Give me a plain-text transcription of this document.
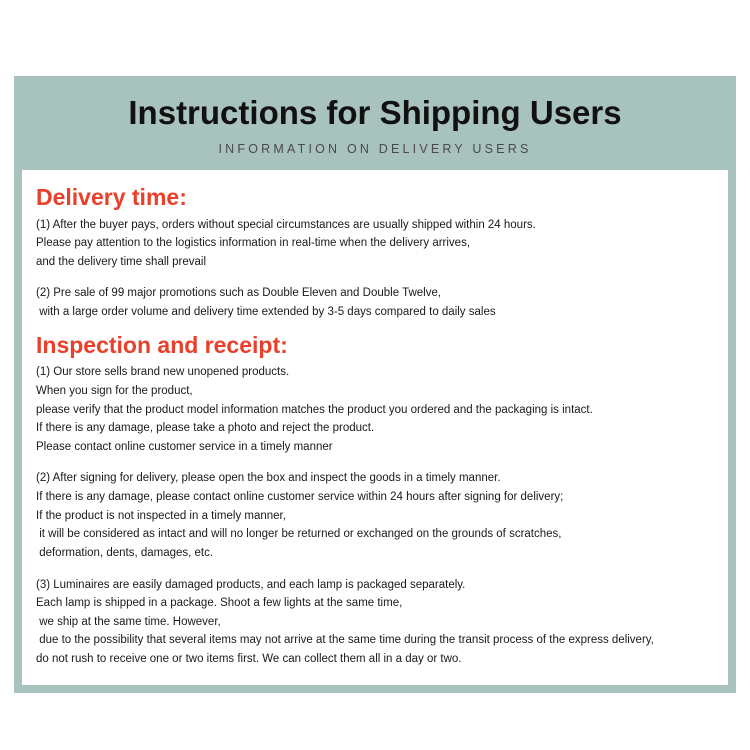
Instructions for Shipping Users
INFORMATION ON DELIVERY USERS
Delivery time:
(1) After the buyer pays, orders without special circumstances are usually shipped within 24 hours.
Please pay attention to the logistics information in real-time when the delivery arrives,
and the delivery time shall prevail
(2) Pre sale of 99 major promotions such as Double Eleven and Double Twelve,
with a large order volume and delivery time extended by 3-5 days compared to daily sales
Inspection and receipt:
(1) Our store sells brand new unopened products.
When you sign for the product,
please verify that the product model information matches the product you ordered and the packaging is intact.
If there is any damage, please take a photo and reject the product.
Please contact online customer service in a timely manner
(2) After signing for delivery, please open the box and inspect the goods in a timely manner.
If there is any damage, please contact online customer service within 24 hours after signing for delivery;
If the product is not inspected in a timely manner,
it will be considered as intact and will no longer be returned or exchanged on the grounds of scratches,
deformation, dents, damages, etc.
(3) Luminaires are easily damaged products, and each lamp is packaged separately.
Each lamp is shipped in a package. Shoot a few lights at the same time,
we ship at the same time. However,
due to the possibility that several items may not arrive at the same time during the transit process of the express delivery,
do not rush to receive one or two items first. We can collect them all in a day or two.
